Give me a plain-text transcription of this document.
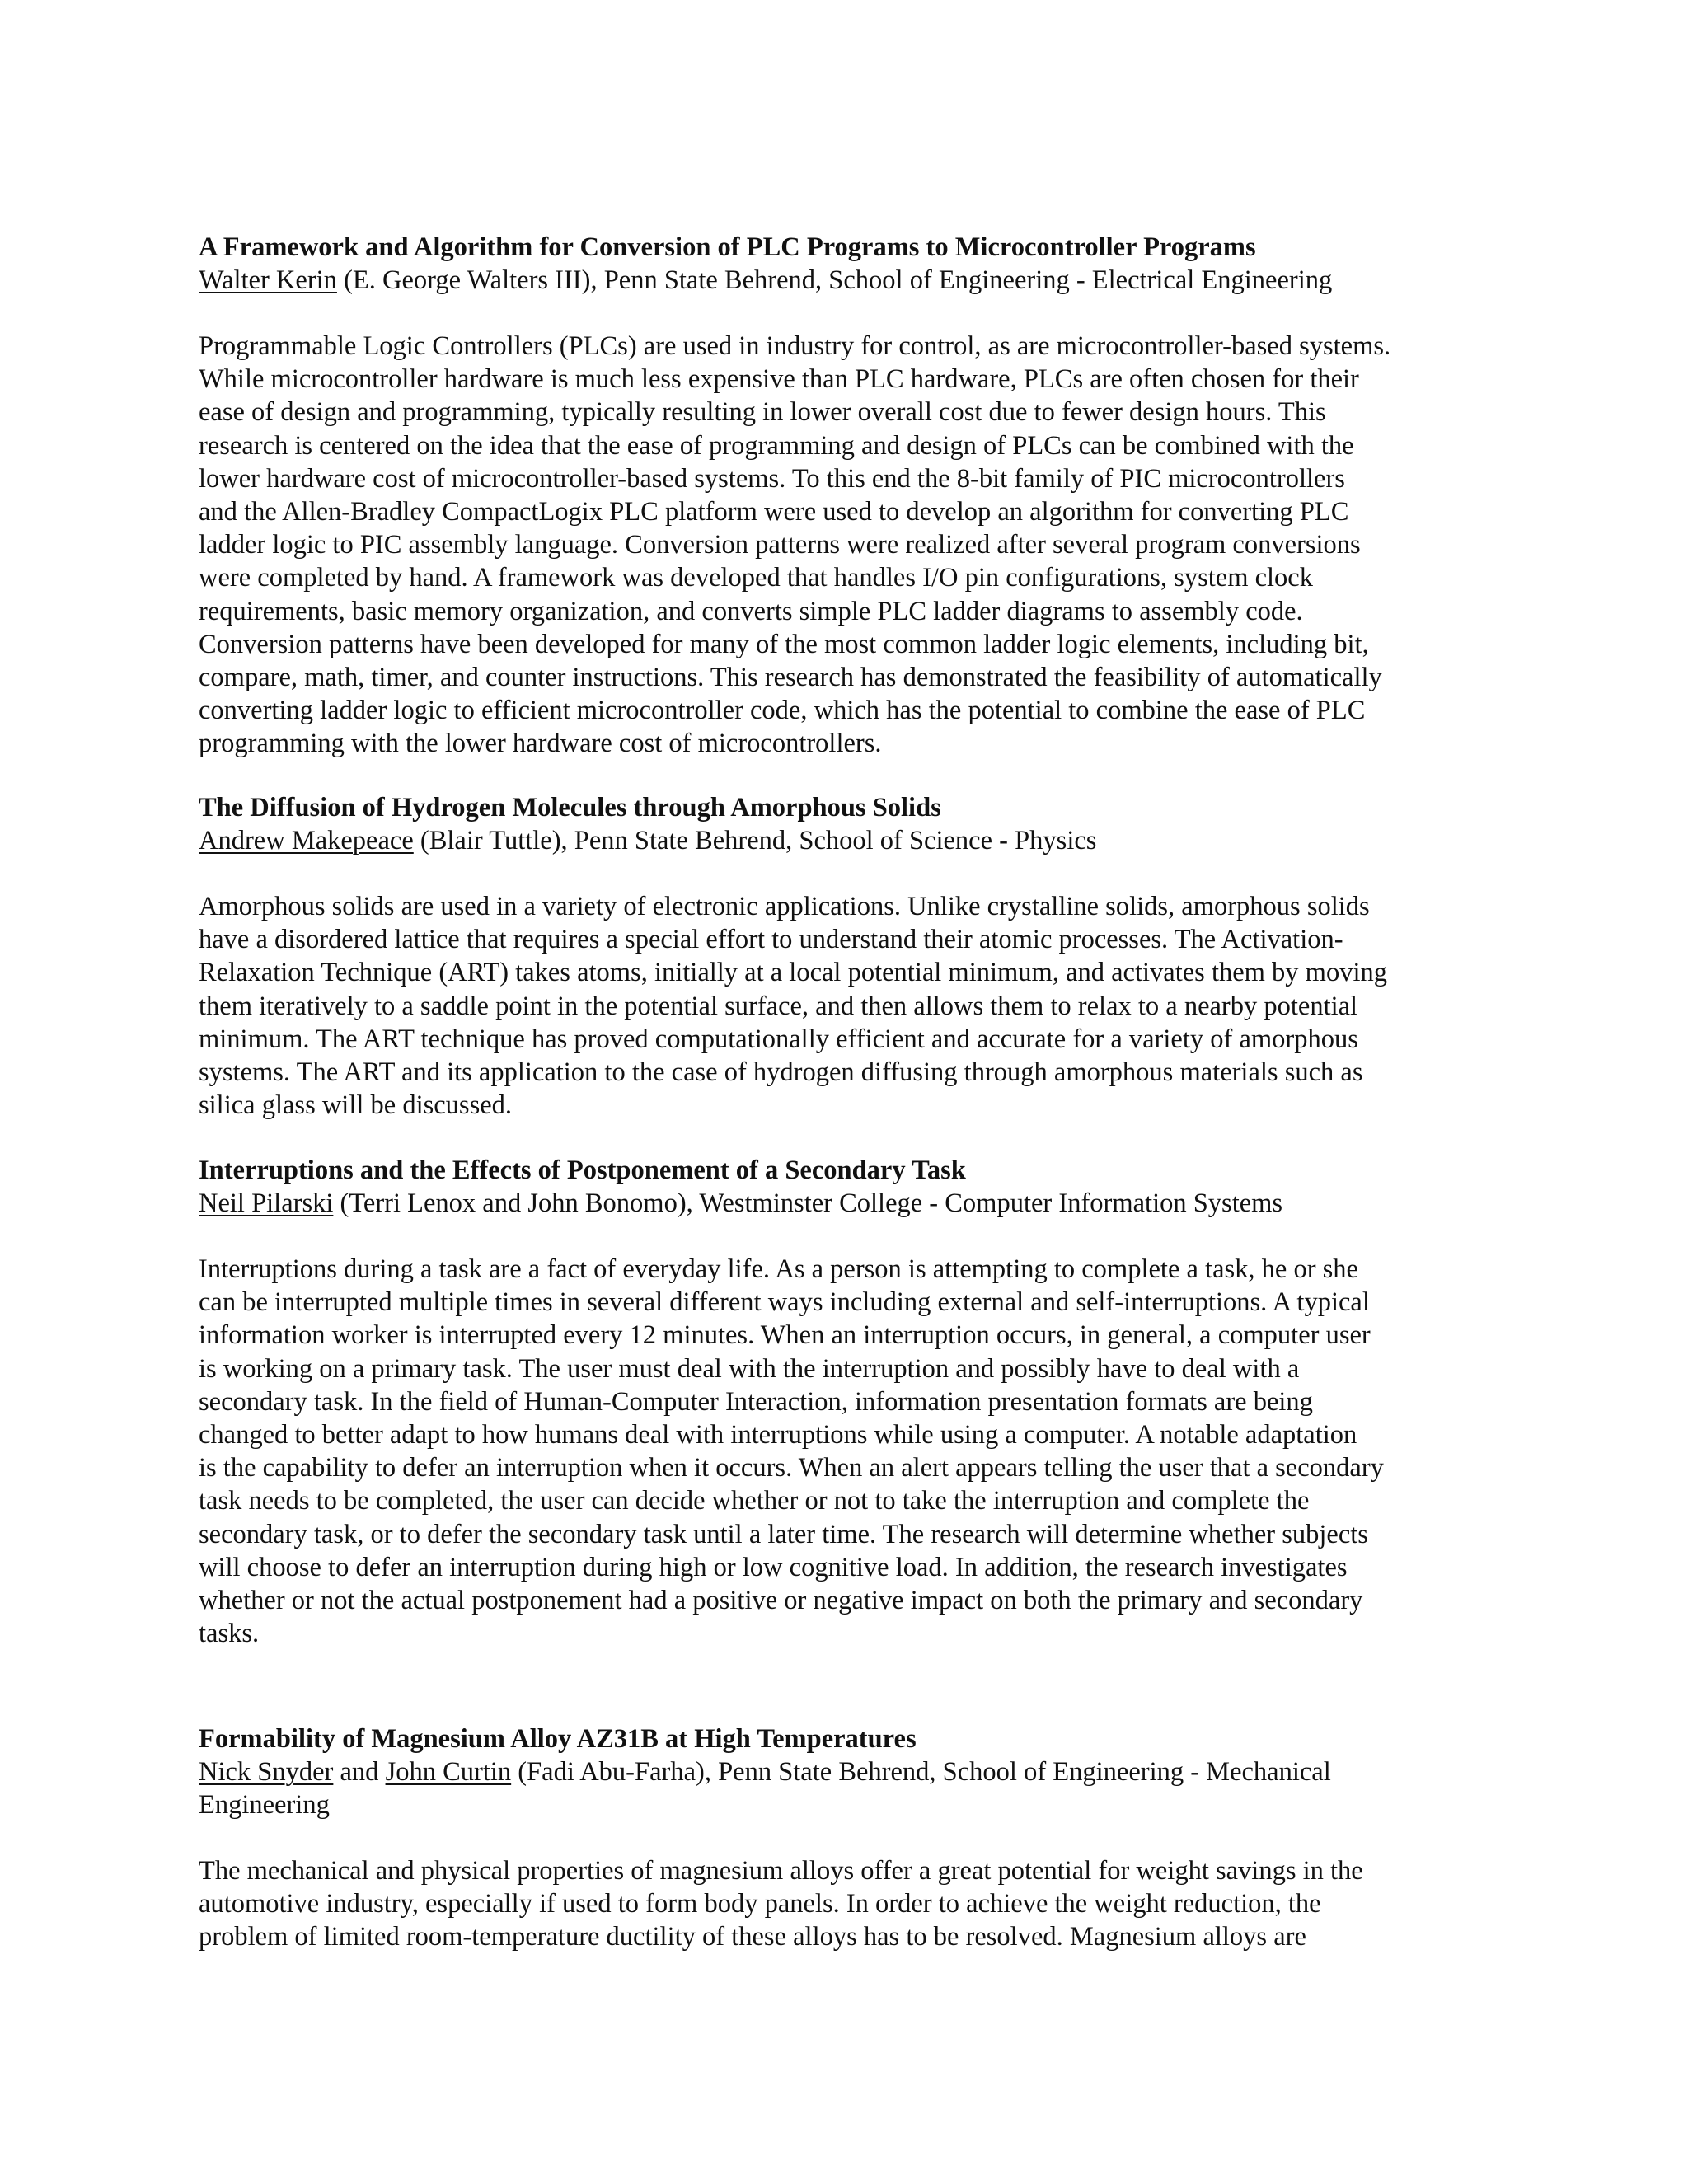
A Framework and Algorithm for Conversion of PLC Programs to Microcontroller Programs
Walter Kerin (E. George Walters III), Penn State Behrend, School of Engineering - Electrical Engineering
Programmable Logic Controllers (PLCs) are used in industry for control, as are microcontroller-based systems.
While microcontroller hardware is much less expensive than PLC hardware, PLCs are often chosen for their
ease of design and programming, typically resulting in lower overall cost due to fewer design hours. This
research is centered on the idea that the ease of programming and design of PLCs can be combined with the
lower hardware cost of microcontroller-based systems. To this end the 8-bit family of PIC microcontrollers
and the Allen-Bradley CompactLogix PLC platform were used to develop an algorithm for converting PLC
ladder logic to PIC assembly language. Conversion patterns were realized after several program conversions
were completed by hand. A framework was developed that handles I/O pin configurations, system clock
requirements, basic memory organization, and converts simple PLC ladder diagrams to assembly code.
Conversion patterns have been developed for many of the most common ladder logic elements, including bit,
compare, math, timer, and counter instructions. This research has demonstrated the feasibility of automatically
converting ladder logic to efficient microcontroller code, which has the potential to combine the ease of PLC
programming with the lower hardware cost of microcontrollers.
The Diffusion of Hydrogen Molecules through Amorphous Solids
Andrew Makepeace (Blair Tuttle), Penn State Behrend, School of Science - Physics
Amorphous solids are used in a variety of electronic applications. Unlike crystalline solids, amorphous solids
have a disordered lattice that requires a special effort to understand their atomic processes. The Activation-
Relaxation Technique (ART) takes atoms, initially at a local potential minimum, and activates them by moving
them iteratively to a saddle point in the potential surface, and then allows them to relax to a nearby potential
minimum. The ART technique has proved computationally efficient and accurate for a variety of amorphous
systems. The ART and its application to the case of hydrogen diffusing through amorphous materials such as
silica glass will be discussed.
Interruptions and the Effects of Postponement of a Secondary Task
Neil Pilarski (Terri Lenox and John Bonomo), Westminster College - Computer Information Systems
Interruptions during a task are a fact of everyday life. As a person is attempting to complete a task, he or she
can be interrupted multiple times in several different ways including external and self-interruptions. A typical
information worker is interrupted every 12 minutes. When an interruption occurs, in general, a computer user
is working on a primary task. The user must deal with the interruption and possibly have to deal with a
secondary task. In the field of Human-Computer Interaction, information presentation formats are being
changed to better adapt to how humans deal with interruptions while using a computer. A notable adaptation
is the capability to defer an interruption when it occurs. When an alert appears telling the user that a secondary
task needs to be completed, the user can decide whether or not to take the interruption and complete the
secondary task, or to defer the secondary task until a later time. The research will determine whether subjects
will choose to defer an interruption during high or low cognitive load. In addition, the research investigates
whether or not the actual postponement had a positive or negative impact on both the primary and secondary
tasks.
Formability of Magnesium Alloy AZ31B at High Temperatures
Nick Snyder and John Curtin (Fadi Abu-Farha), Penn State Behrend, School of Engineering - Mechanical
Engineering
The mechanical and physical properties of magnesium alloys offer a great potential for weight savings in the
automotive industry, especially if used to form body panels. In order to achieve the weight reduction, the
problem of limited room-temperature ductility of these alloys has to be resolved. Magnesium alloys are
